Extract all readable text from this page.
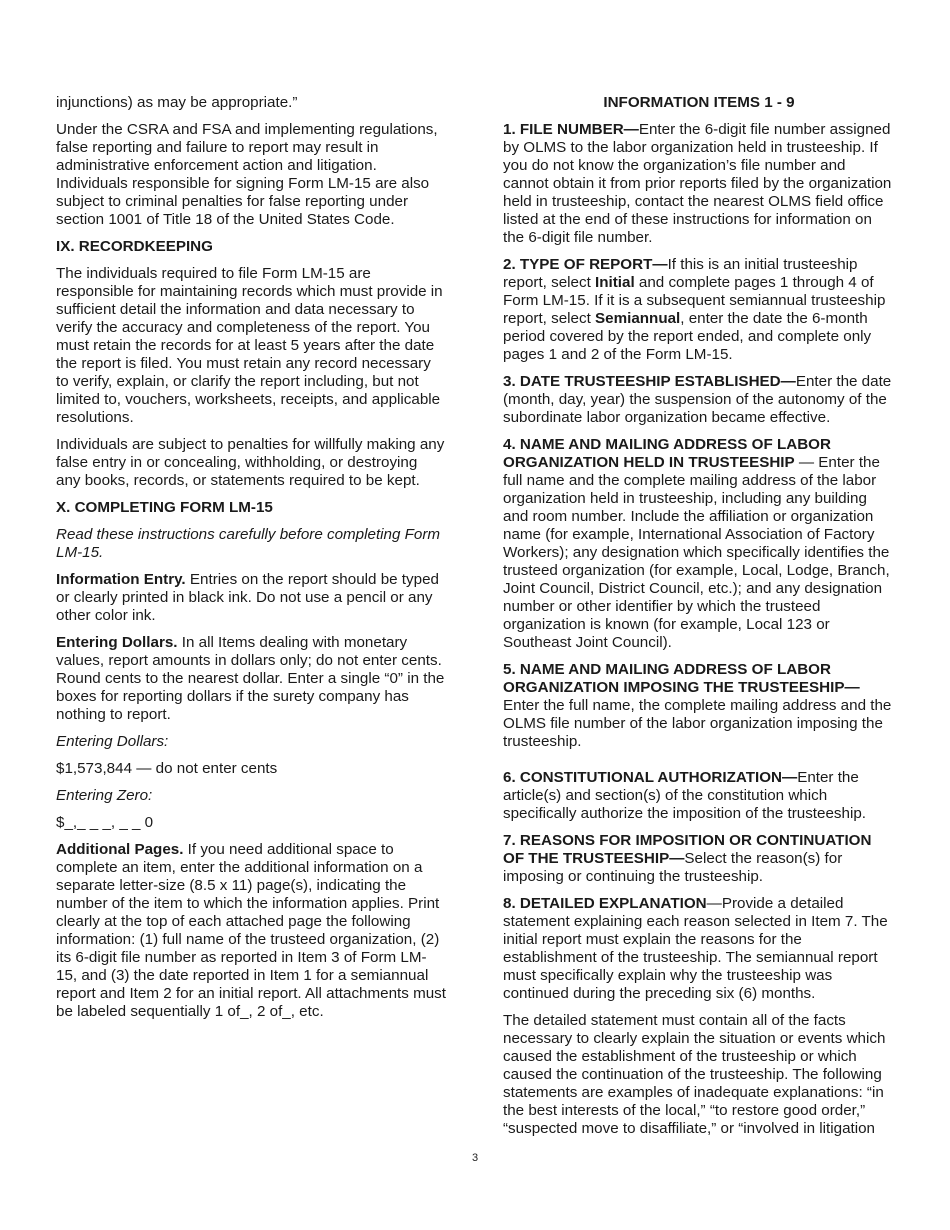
injunctions) as may be appropriate.”

Under the CSRA and FSA and implementing regulations, false reporting and failure to report may result in administrative enforcement action and litigation. Individuals responsible for signing Form LM-15 are also subject to criminal penalties for false reporting under section 1001 of Title 18 of the United States Code.

IX. RECORDKEEPING

The individuals required to file Form LM-15 are responsible for maintaining records which must provide in sufficient detail the information and data necessary to verify the accuracy and completeness of the report. You must retain the records for at least 5 years after the date the report is filed. You must retain any record necessary to verify, explain, or clarify the report including, but not limited to, vouchers, worksheets, receipts, and applicable resolutions.

Individuals are subject to penalties for willfully making any false entry in or concealing, withholding, or destroying any books, records, or statements required to be kept.

X. COMPLETING FORM LM-15

Read these instructions carefully before completing Form LM-15.

Information Entry. Entries on the report should be typed or clearly printed in black ink. Do not use a pencil or any other color ink.

Entering Dollars. In all Items dealing with monetary values, report amounts in dollars only; do not enter cents. Round cents to the nearest dollar. Enter a single “0” in the boxes for reporting dollars if the surety company has nothing to report.

Entering Dollars:

$1,573,844 — do not enter cents

Entering Zero:

$_,_ _ _, _ _ 0

Additional Pages. If you need additional space to complete an item, enter the additional information on a separate letter-size (8.5 x 11) page(s), indicating the number of the item to which the information applies. Print clearly at the top of each attached page the following information: (1) full name of the trusteed organization, (2) its 6-digit file number as reported in Item 3 of Form LM-15, and (3) the date reported in Item 1 for a semiannual report and Item 2 for an initial report. All attachments must be labeled sequentially 1 of_, 2 of_, etc.

INFORMATION ITEMS 1 - 9

1. FILE NUMBER—Enter the 6-digit file number assigned by OLMS to the labor organization held in trusteeship. If you do not know the organization’s file number and cannot obtain it from prior reports filed by the organization held in trusteeship, contact the nearest OLMS field office listed at the end of these instructions for information on the 6-digit file number.

2. TYPE OF REPORT—If this is an initial trusteeship report, select Initial and complete pages 1 through 4 of Form LM-15. If it is a subsequent semiannual trusteeship report, select Semiannual, enter the date the 6-month period covered by the report ended, and complete only pages 1 and 2 of the Form LM-15.

3. DATE TRUSTEESHIP ESTABLISHED—Enter the date (month, day, year) the suspension of the autonomy of the subordinate labor organization became effective.

4. NAME AND MAILING ADDRESS OF LABOR ORGANIZATION HELD IN TRUSTEESHIP — Enter the full name and the complete mailing address of the labor organization held in trusteeship, including any building and room number. Include the affiliation or organization name (for example, International Association of Factory Workers); any designation which specifically identifies the trusteed organization (for example, Local, Lodge, Branch, Joint Council, District Council, etc.); and any designation number or other identifier by which the trusteed organization is known (for example, Local 123 or Southeast Joint Council).

5. NAME AND MAILING ADDRESS OF LABOR ORGANIZATION IMPOSING THE TRUSTEESHIP—Enter the full name, the complete mailing address and the OLMS file number of the labor organization imposing the trusteeship.

6. CONSTITUTIONAL AUTHORIZATION—Enter the article(s) and section(s) of the constitution which specifically authorize the imposition of the trusteeship.

7. REASONS FOR IMPOSITION OR CONTINUATION OF THE TRUSTEESHIP—Select the reason(s) for imposing or continuing the trusteeship.

8. DETAILED EXPLANATION—Provide a detailed statement explaining each reason selected in Item 7. The initial report must explain the reasons for the establishment of the trusteeship. The semiannual report must specifically explain why the trusteeship was continued during the preceding six (6) months.

The detailed statement must contain all of the facts necessary to clearly explain the situation or events which caused the establishment of the trusteeship or which caused the continuation of the trusteeship. The following statements are examples of inadequate explanations: “in the best interests of the local,” “to restore good order,” “suspected move to disaffiliate,” or “involved in litigation

3
